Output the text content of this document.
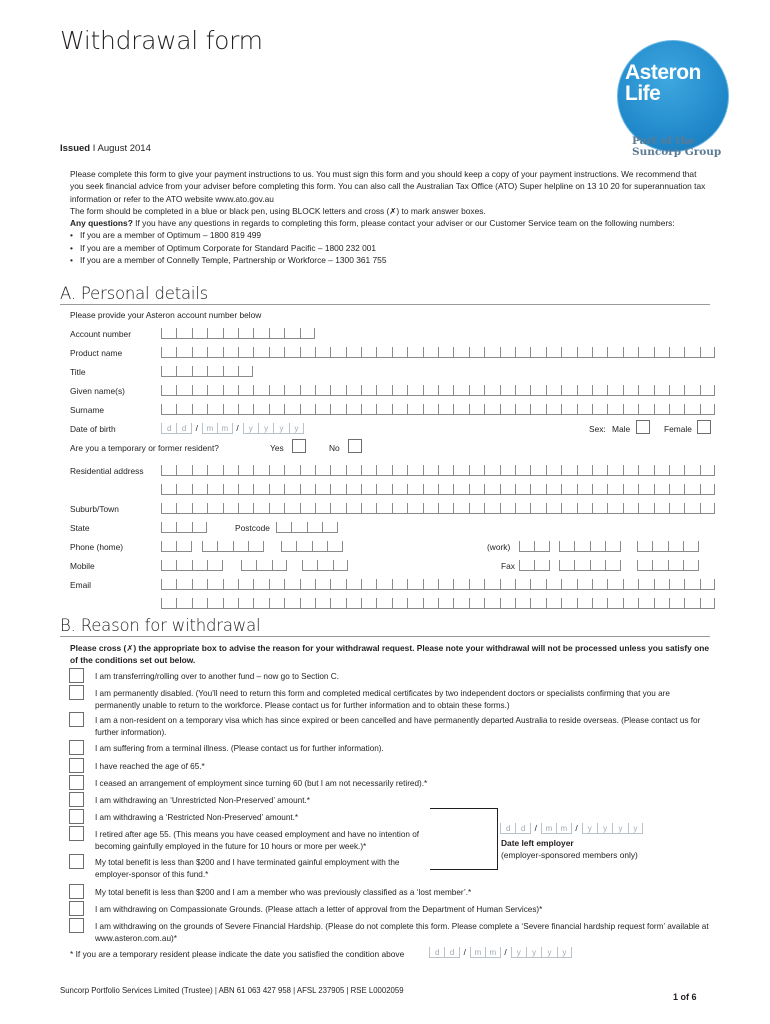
Withdrawal form
Asteron
Life
Part of the
Suncorp Group
Issued I August 2014

Please complete this form to give your payment instructions to us. You must sign this form and you should keep a copy of your payment instructions. We recommend that you seek financial advice from your adviser before completing this form. You can also call the Australian Tax Office (ATO) Super helpline on 13 10 20 for superannuation tax information or refer to the ATO website www.ato.gov.au

The form should be completed in a blue or black pen, using BLOCK letters and cross (✗) to mark answer boxes.

Any questions? If you have any questions in regards to completing this form, please contact your adviser or our Customer Service team on the following numbers:

• If you are a member of Optimum – 1800 819 499
• If you are a member of Optimum Corporate for Standard Pacific – 1800 232 001
• If you are a member of Connelly Temple, Partnership or Workforce – 1300 361 755
A. Personal details
Please provide your Asteron account number below
Account number
Product name
Title
Given name(s)
Surname
Date of birth	d	d	/	m	m /	y	y	y	y	Sex: Male	Female
Are you a temporary or former resident?	Yes	No
Residential address
Suburb/Town
State	Postcode
Phone (home)	(work)
Mobile	Fax
Email
B. Reason for withdrawal
Please cross (✗) the appropriate box to advise the reason for your withdrawal request. Please note your withdrawal will not be processed unless you satisfy one of the conditions set out below.
I am transferring/rolling over to another fund – now go to Section C.
I am permanently disabled. (You’ll need to return this form and completed medical certificates by two independent doctors or specialists confirming that you are permanently unable to return to the workforce. Please contact us for further information and to obtain these forms.)
I am a non-resident on a temporary visa which has since expired or been cancelled and have permanently departed Australia to reside overseas. (Please contact us for further information).
I am suffering from a terminal illness. (Please contact us for further information).
I have reached the age of 65.*
I ceased an arrangement of employment since turning 60 (but I am not necessarily retired).*
I am withdrawing an ‘Unrestricted Non-Preserved’ amount.*
I am withdrawing a ‘Restricted Non-Preserved’ amount.*
I retired after age 55. (This means you have ceased employment and have no intention of becoming gainfully employed in the future for 10 hours or more per week.)*
My total benefit is less than $200 and I have terminated gainful employment with the employer-sponsor of this fund.*
d	d	/	m	m /	y	y	y	y
Date left employer
(employer-sponsored members only)
My total benefit is less than $200 and I am a member who was previously classified as a ‘lost member’.*
I am withdrawing on Compassionate Grounds. (Please attach a letter of approval from the Department of Human Services)*
I am withdrawing on the grounds of Severe Financial Hardship. (Please do not complete this form. Please complete a ‘Severe financial hardship request form’ available at www.asteron.com.au)*
* If you are a temporary resident please indicate the date you satisfied the condition above	d	d	/	m	m /	y	y	y	y
Suncorp Portfolio Services Limited (Trustee) | ABN 61 063 427 958 | AFSL 237905 | RSE L0002059
1 of 6
